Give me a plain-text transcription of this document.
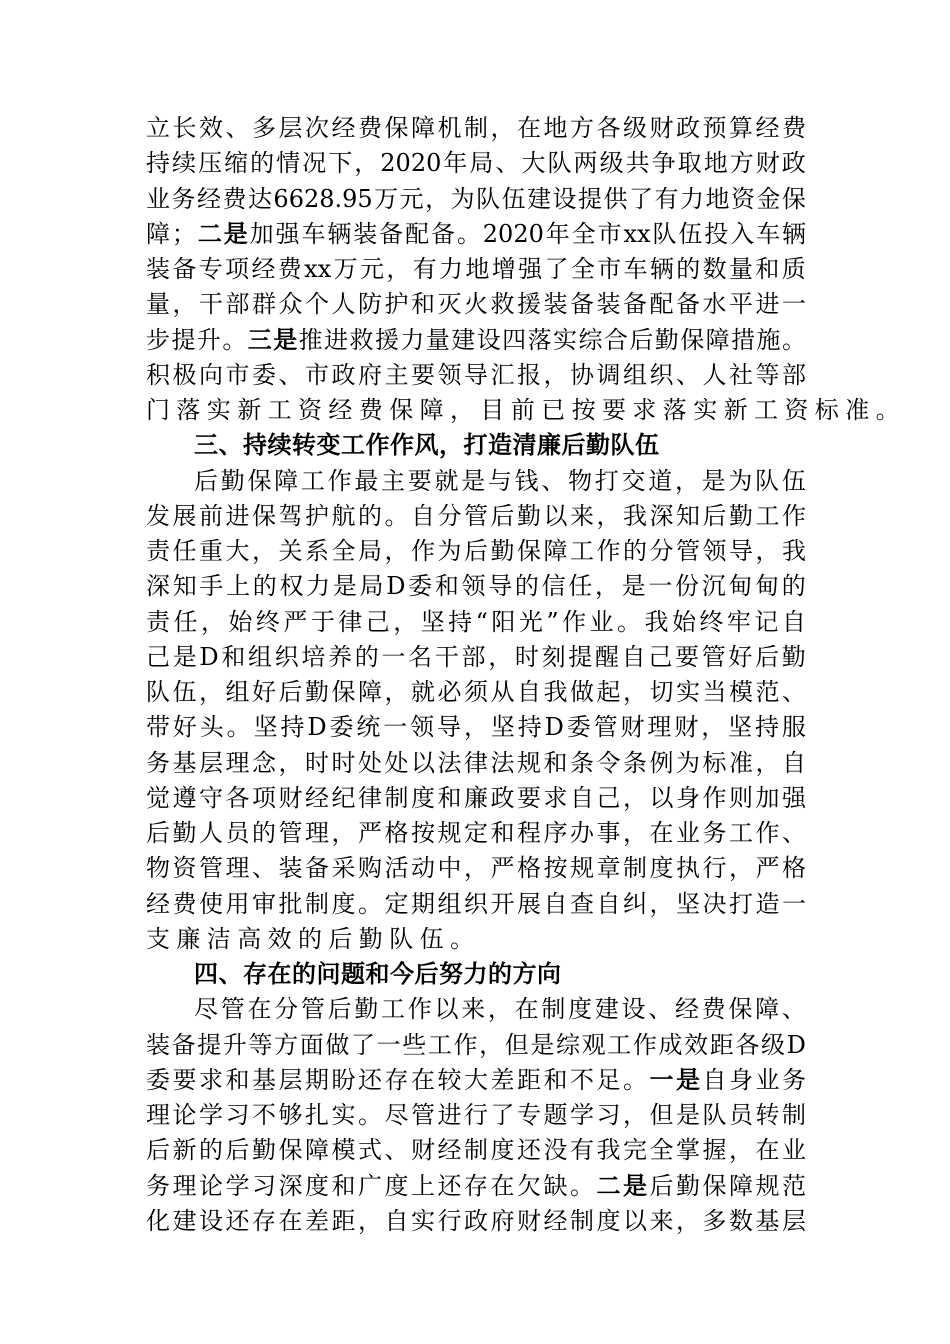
立 长 效 、 多 层 次 经 费 保 障 机 制 ， 在 地 方 各 级 财 政 预 算 经 费
持 续 压 缩 的 情 况 下 ， 2020 年 局 、 大 队 两 级 共 争 取 地 方 财 政
业 务 经 费 达 6628.95 万 元 ， 为 队 伍 建 设 提 供 了 有 力 地 资 金 保
障 ； 二 是 加 强 车 辆 装 备 配 备 。 2020 年 全 市 xx 队 伍 投 入 车 辆
装 备 专 项 经 费 xx 万 元 ， 有 力 地 增 强 了 全 市 车 辆 的 数 量 和 质
量 ， 干 部 群 众 个 人 防 护 和 灭 火 救 援 装 备 装 备 配 备 水 平 进 一
步 提 升 。 三 是 推 进 救 援 力 量 建 设 四 落 实 综 合 后 勤 保 障 措 施 。
积 极 向 市 委 、 市 政 府 主 要 领 导 汇 报 ， 协 调 组 织 、 人 社 等 部
门落实新工资经费保障，目前已按要求落实新工资标准。
三、持续转变工作作风，打造清廉后勤队伍
后 勤 保 障 工 作 最 主 要 就 是 与 钱 、 物 打 交 道 ， 是 为 队 伍
发 展 前 进 保 驾 护 航 的 。 自 分 管 后 勤 以 来 ， 我 深 知 后 勤 工 作
责 任 重 大 ， 关 系 全 局 ， 作 为 后 勤 保 障 工 作 的 分 管 领 导 ， 我
深 知 手 上 的 权 力 是 局 D 委 和 领 导 的 信 任 ， 是 一 份 沉 甸 甸 的
责 任 ， 始 终 严 于 律 己 ， 坚 持 “ 阳 光 ” 作 业 。 我 始 终 牢 记 自
己 是 D 和 组 织 培 养 的 一 名 干 部 ， 时 刻 提 醒 自 己 要 管 好 后 勤
队 伍 ， 组 好 后 勤 保 障 ， 就 必 须 从 自 我 做 起 ， 切 实 当 模 范 、
带 好 头 。 坚 持 D 委 统 一 领 导 ， 坚 持 D 委 管 财 理 财 ， 坚 持 服
务 基 层 理 念 ， 时 时 处 处 以 法 律 法 规 和 条 令 条 例 为 标 准 ， 自
觉 遵 守 各 项 财 经 纪 律 制 度 和 廉 政 要 求 自 己 ， 以 身 作 则 加 强
后 勤 人 员 的 管 理 ， 严 格 按 规 定 和 程 序 办 事 ， 在 业 务 工 作 、
物 资 管 理 、 装 备 采 购 活 动 中 ， 严 格 按 规 章 制 度 执 行 ， 严 格
经 费 使 用 审 批 制 度 。 定 期 组 织 开 展 自 查 自 纠 ， 坚 决 打 造 一
支廉洁高效的后勤队伍。
四、存在的问题和今后努力的方向
尽 管 在 分 管 后 勤 工 作 以 来 ， 在 制 度 建 设 、 经 费 保 障 、
装 备 提 升 等 方 面 做 了 一 些 工 作 ， 但 是 综 观 工 作 成 效 距 各 级 D
委 要 求 和 基 层 期 盼 还 存 在 较 大 差 距 和 不 足 。 一 是 自 身 业 务
理 论 学 习 不 够 扎 实 。 尽 管 进 行 了 专 题 学 习 ， 但 是 队 员 转 制
后 新 的 后 勤 保 障 模 式 、 财 经 制 度 还 没 有 我 完 全 掌 握 ， 在 业
务 理 论 学 习 深 度 和 广 度 上 还 存 在 欠 缺 。 二 是 后 勤 保 障 规 范
化 建 设 还 存 在 差 距 ， 自 实 行 政 府 财 经 制 度 以 来 ， 多 数 基 层
